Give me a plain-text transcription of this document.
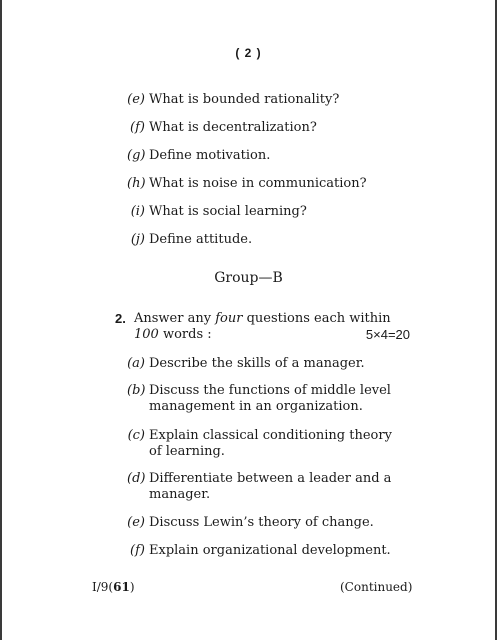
( 2 )
(e) What is bounded rationality?
(f) What is decentralization?
(g) Define motivation.
(h) What is noise in communication?
(i) What is social learning?
(j) Define attitude.
Group—B
2. Answer any four questions each within
100 words :	5×4=20
(a) Describe the skills of a manager.
(b) Discuss the functions of middle level management in an organization.
(c) Explain classical conditioning theory of learning.
(d) Differentiate between a leader and a manager.
(e) Discuss Lewin’s theory of change.
(f) Explain organizational development.
I/9(61)	(Continued)
